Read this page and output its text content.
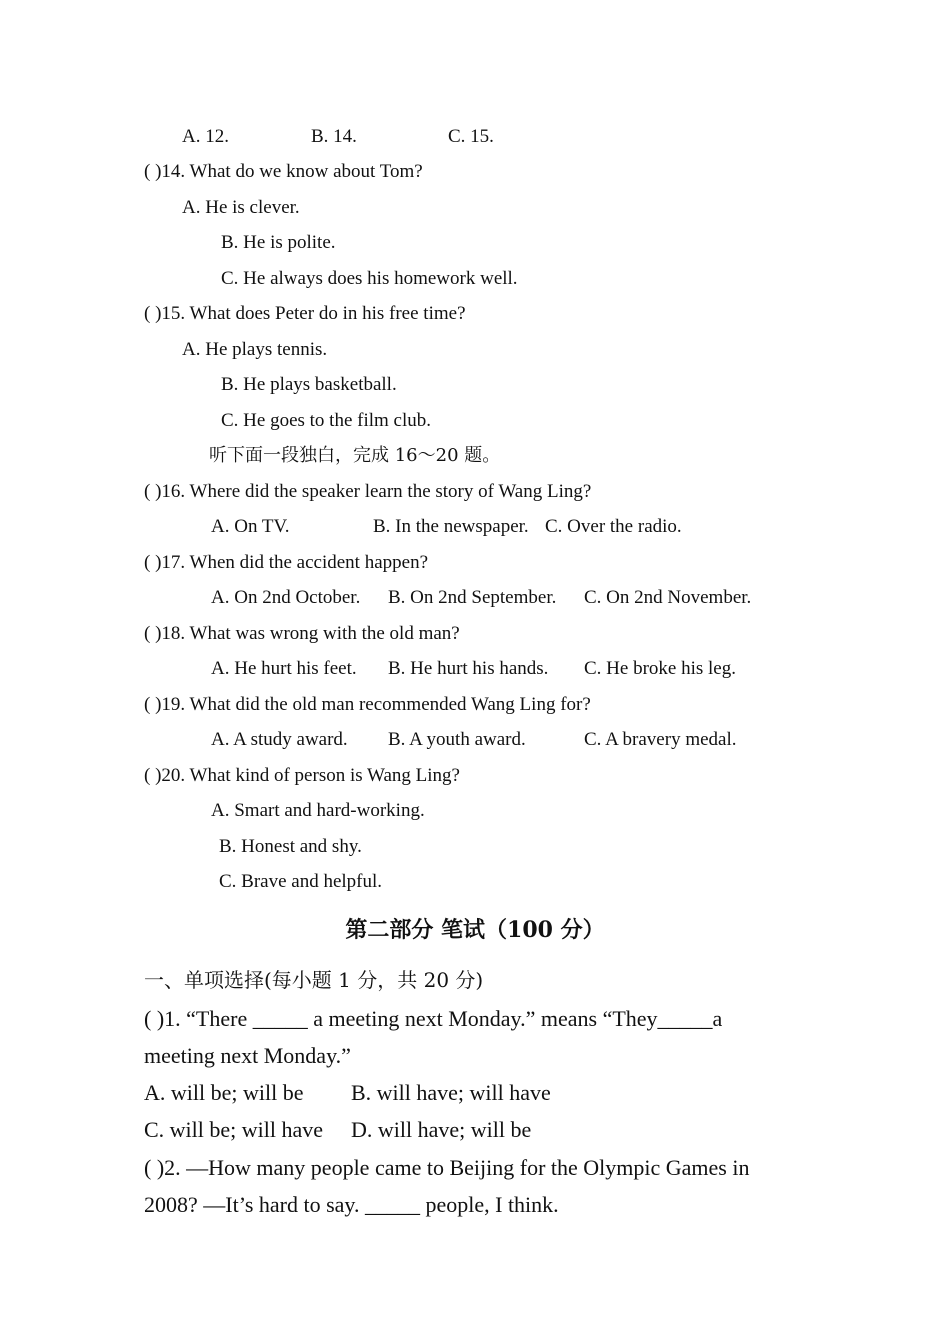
A. 12.	B. 14.	C. 15.
( )14. What do we know about Tom?
A. He is clever.
B. He is polite.
C. He always does his homework well.
( )15. What does Peter do in his free time?
A. He plays tennis.
B. He plays basketball.
C. He goes to the film club.
听下面一段独白，完成 16～20 题。
( )16. Where did the speaker learn the story of Wang Ling?
A. On TV.	B. In the newspaper. C. Over the radio.
( )17. When did the accident happen?
A. On 2nd October. B. On 2nd September. C. On 2nd November.
( )18. What was wrong with the old man?
A. He hurt his feet. B. He hurt his hands. C. He broke his leg.
( )19. What did the old man recommended Wang Ling for?
A. A study award. B. A youth award.	C. A bravery medal.
( )20. What kind of person is Wang Ling?
A. Smart and hard-working.
B. Honest and shy.
C. Brave and helpful.
第二部分 笔试（100 分）
一、单项选择(每小题 1 分，共 20 分)
( )1. “There _____ a meeting next Monday.” means “They_____a
meeting next Monday.”
A. will be; will be B. will have; will have
C. will be; will have D. will have; will be
( )2. —How many people came to Beijing for the Olympic Games in
2008? —It’s hard to say. _____ people, I think.
